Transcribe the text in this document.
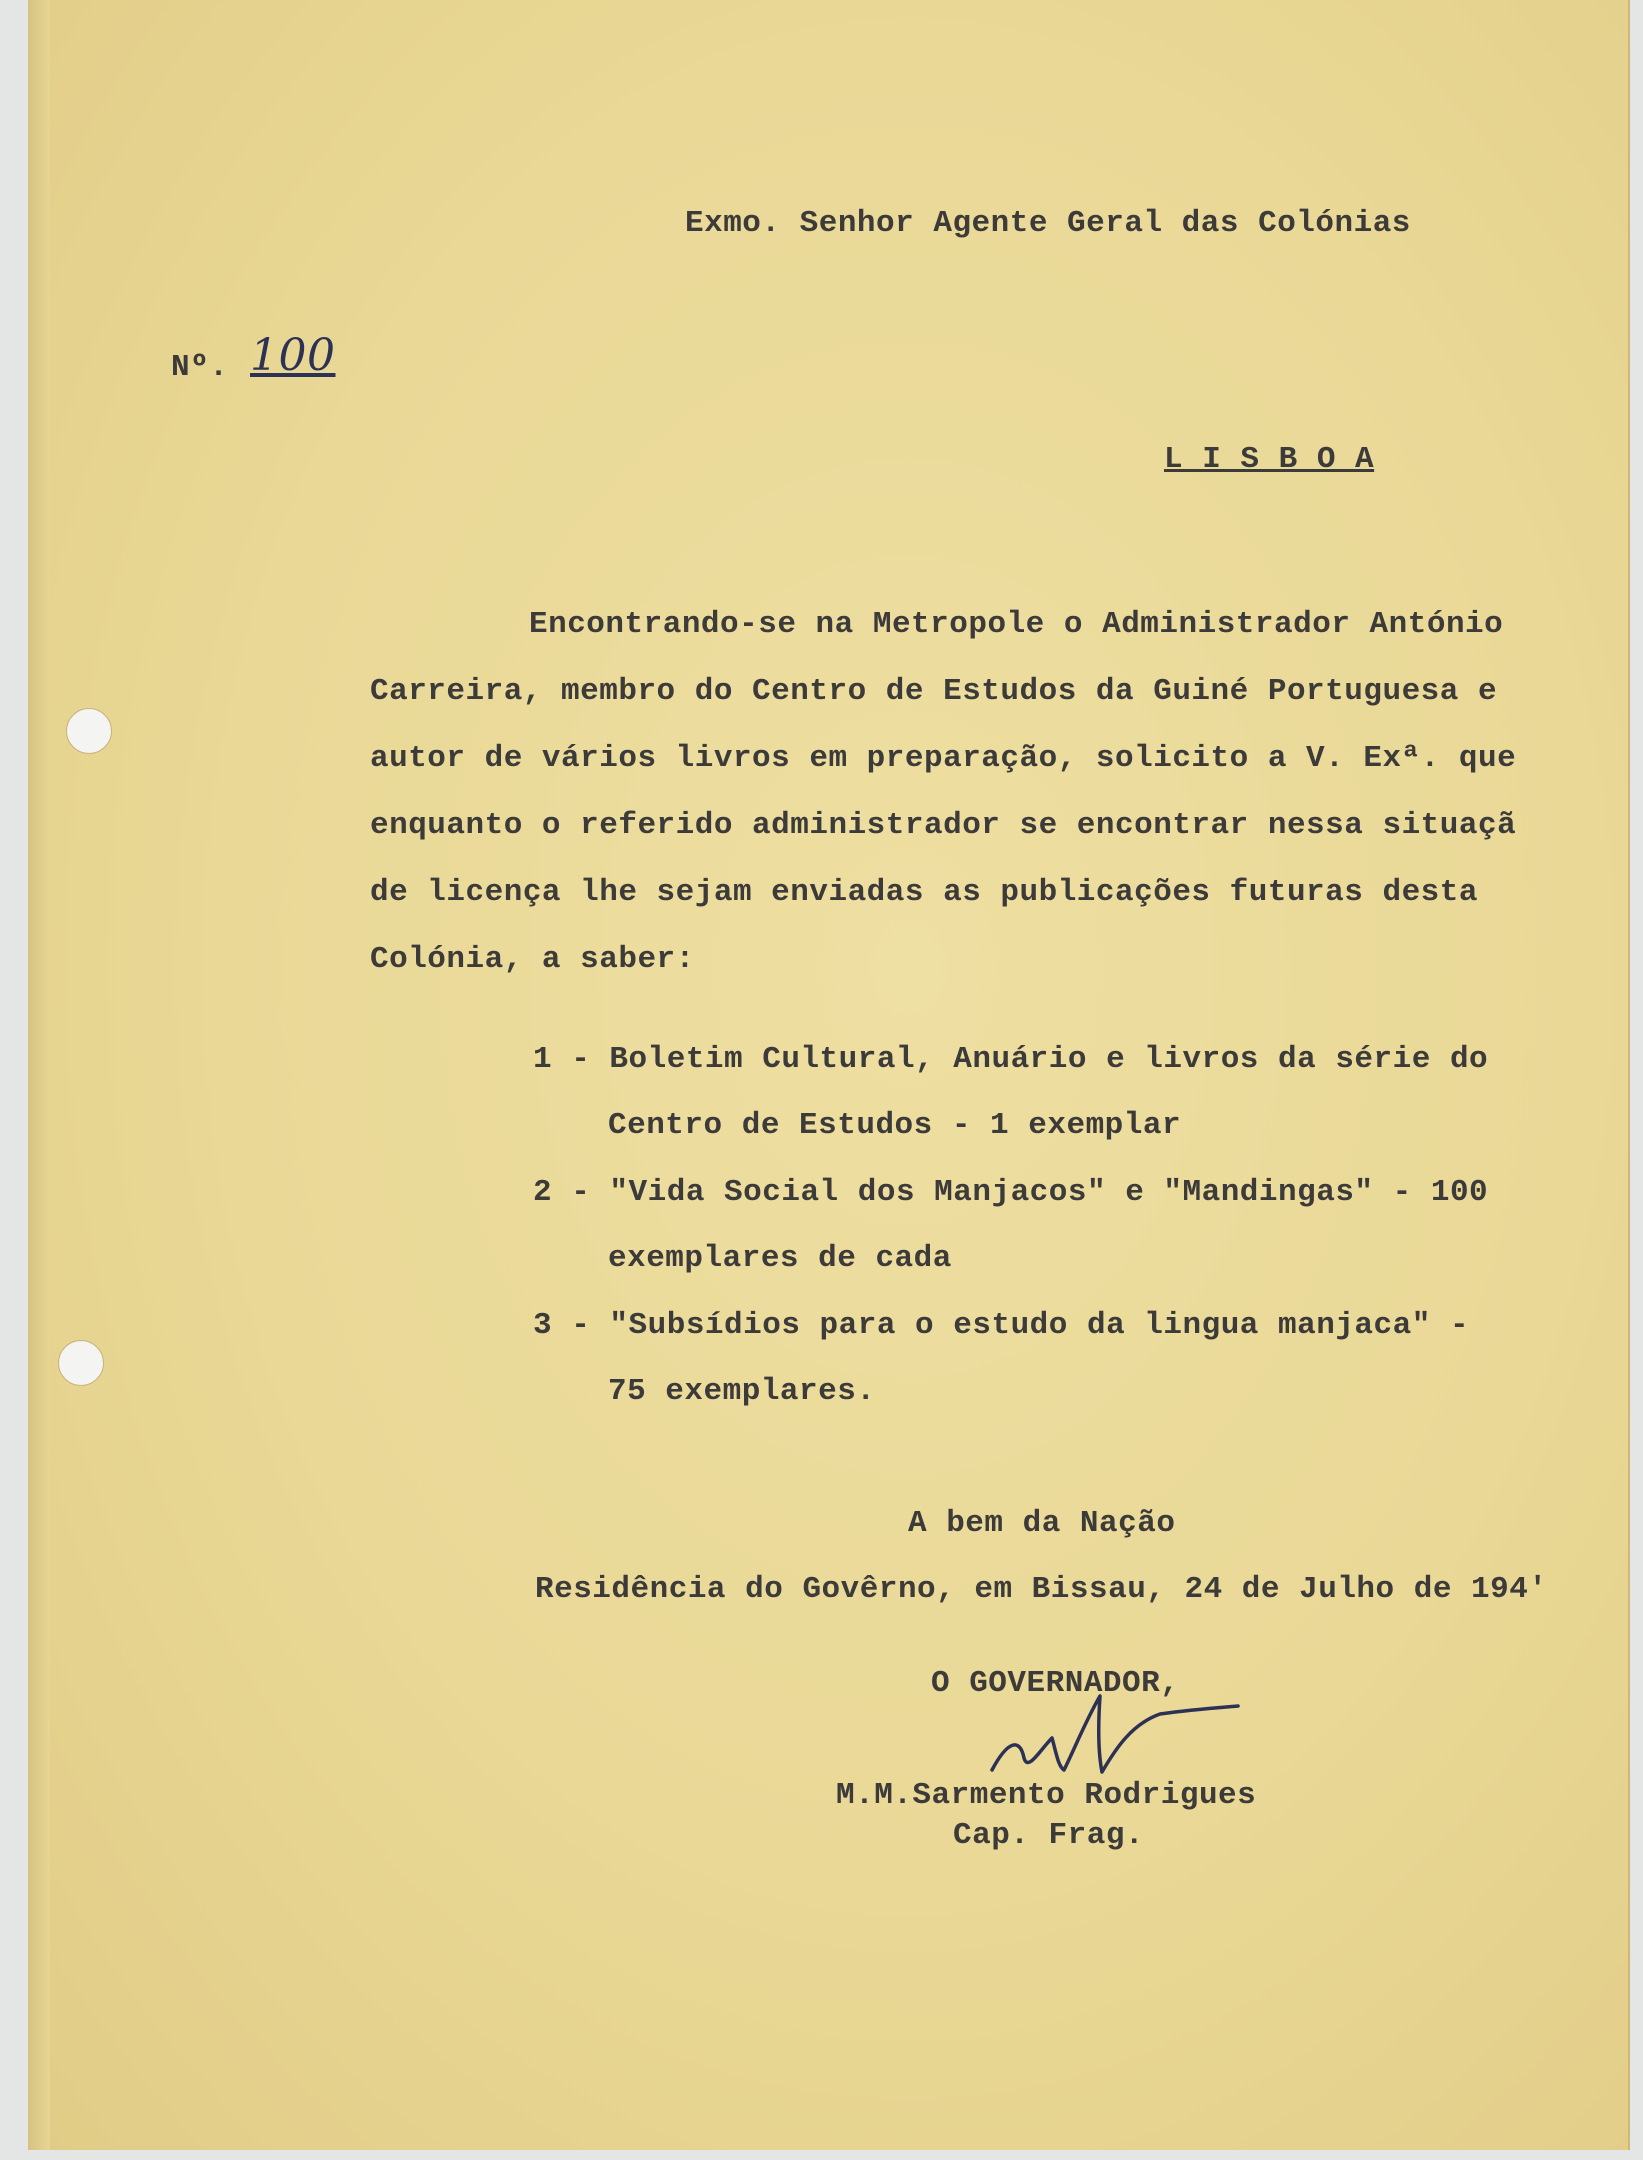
Exmo. Senhor Agente Geral das Colónias

Nº. 100

L I S B O A

Encontrando-se na Metropole o Administrador António

Carreira, membro do Centro de Estudos da Guiné Portuguesa e

autor de vários livros em preparação, solicito a V. Exª. que

enquanto o referido administrador se encontrar nessa situaçã

de licença lhe sejam enviadas as publicações futuras desta

Colónia, a saber:

1 - Boletim Cultural, Anuário e livros da série do

Centro de Estudos - 1 exemplar

2 - "Vida Social dos Manjacos" e "Mandingas" - 100

exemplares de cada

3 - "Subsídios para o estudo da lingua manjaca" -

75 exemplares.

A bem da Nação

Residência do Govêrno, em Bissau, 24 de Julho de 194'

O GOVERNADOR,

M.M.Sarmento Rodrigues

Cap. Frag.
